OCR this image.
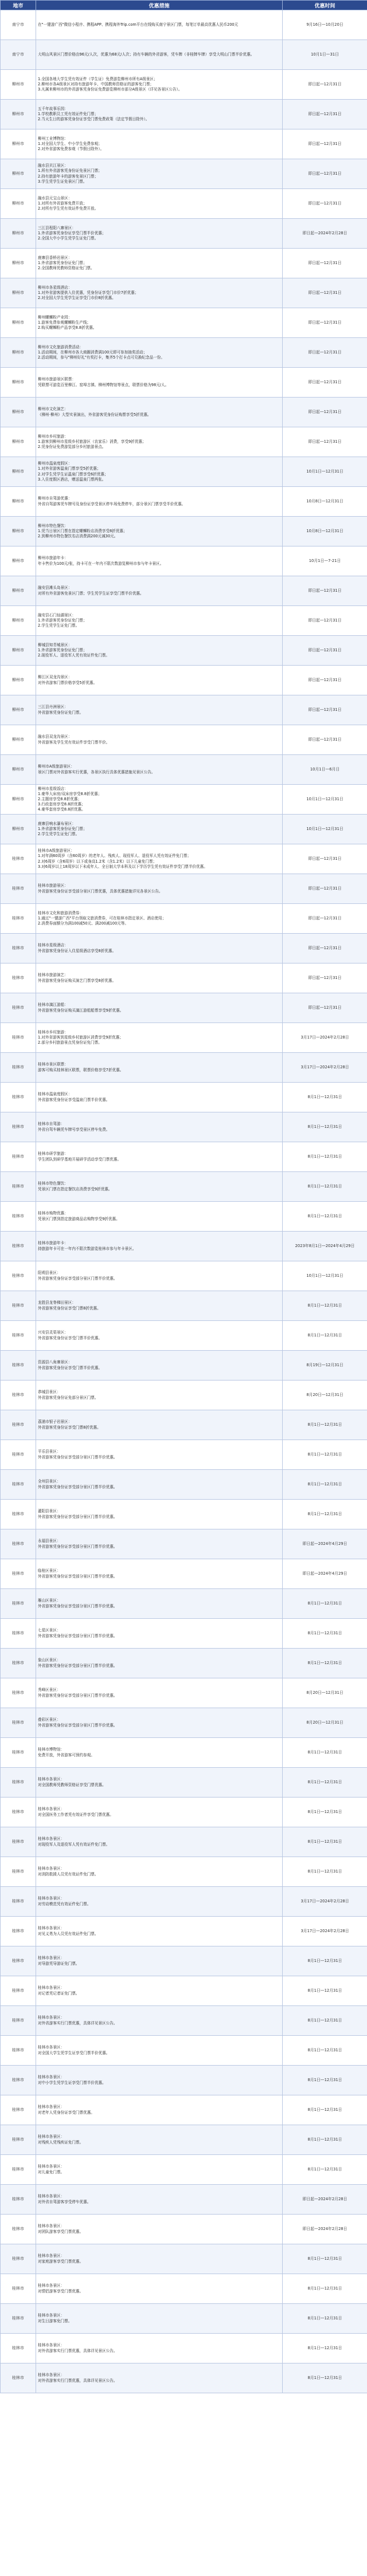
地市	优惠措施	优惠时间
南宁市	在"一键游广西"微信小程序、携程APP、携程海外Trip.com平台在线购买南宁景区门票，每笔订单最高优惠人民币200元	9月16日—10月20日
南宁市	大明山风景区门票价格由96元/人次，优惠为68元/人次；持有车辆的外省游客，凭车牌（非桂牌车牌）享受大明山门票半价优惠。	10月1日—31日
柳州市	1.全国各地大学生凭有效证件（学生证）免费游览柳州市所有A级景区；
2.柳州市各A级景区对持有旅游年卡、中国教师资格证的游客免门票；
3.凡属来柳州市的外省游客凭身份证免费游览柳州市部分A级景区（详见各景区公告）。	即日起—12月31日
柳州市	五千年故事乐园：
1.学校教职员工凭有效证件免门票；
2.当天生日的游客凭身份证享受门票免费政策（法定节假日除外）。	即日起—12月31日
柳州市	柳州工业博物馆：
1.对全国大学生、中小学生免费参观；
2.对外省游客免费参观（节假日除外）。	即日起—12月31日
柳州市	融水县贝江景区：
1.所有外省游客凭身份证免景区门票；
2.持有旅游年卡的游客免景区门票；
3.学生凭学生证免景区门票。	即日起—12月31日
柳州市	融水县元宝山景区：
1.对所有外省游客免费开放；
2.对所有学生凭有效证件免费开放。	即日起—12月31日
柳州市	三江县程阳八寨景区：
1.外省游客凭身份证享受门票半价优惠；
2.全国大中小学生凭学生证免门票。	即日起—2024年2月28日
柳州市	鹿寨县香桥岩景区：
1.外省游客凭身份证免门票；
2.全国教师凭教师资格证免门票。	即日起—12月31日
柳州市	柳州市各星级酒店：
1.对外省游客提供入住优惠，凭身份证享受门市价7折优惠；
2.对全国大学生凭学生证享受门市价8折优惠。	即日起—12月31日
柳州市	柳州螺蛳粉产业园：
1.游客免费参观螺蛳粉生产线；
2.购买螺蛳粉产品享受8.8折优惠。	即日起—12月31日
柳州市	柳州市文化旅游消费活动：
1.活动期间，在柳州市各大商圈消费满100元即可参加抽奖活动；
2.活动期间，参与"柳州好礼"有奖打卡，集齐5个打卡点可兑换纪念品一份。	即日起—12月31日
柳州市	柳州市旅游景区联票：
凭联票可游览百里柳江、窑埠古镇、柳州博物馆等景点，联票价格为98元/人。	即日起—12月31日
柳州市	柳州市文化演艺：
《柳州·柳州》大型实景演出，外省游客凭身份证购票享受5折优惠。	即日起—12月31日
柳州市	柳州市乡村旅游：
1.游客到柳州市星级乡村旅游区（农家乐）消费，享受9折优惠；
2.凭身份证免费游览部分乡村旅游景点。	即日起—12月31日
柳州市	柳州市温泉度假区：
1.对外省游客温泉门票享受5折优惠；
2.对学生凭学生证温泉门票享受6折优惠；
3.入住度假区酒店，赠送温泉门票两张。	10月1日—12月31日
柳州市	柳州市自驾游优惠：
外省自驾游客凭车牌号及身份证享受景区停车场免费停车，部分景区门票享受半价优惠。	10月8日—12月31日
柳州市	柳州市特色餐饮：
1.凭当日景区门票在指定螺蛳粉店消费享受8折优惠；
2.到柳州市特色餐饮名店消费满200元减30元。	10月8日—12月31日
柳州市	柳州市旅游年卡：
年卡售价为100元/张，持卡可在一年内不限次数游览柳州市参与年卡景区。	10月1日—7-21日
柳州市	融安县滩头岛景区：
对所有外省游客免景区门票；学生凭学生证享受门票半价优惠。	即日起—12月31日
柳州市	融安县石门仙湖景区：
1.外省游客凭身份证免门票；
2.学生凭学生证免门票。	即日起—12月31日
柳州市	柳城县知青城景区：
1.外省游客凭身份证免门票；
2.现役军人、退役军人凭有效证件免门票。	即日起—12月31日
柳州市	柳江区双龙沟景区：
对外省游客门票价格享受5折优惠。	即日起—12月31日
柳州市	三江县丹洲景区：
外省游客凭身份证免门票。	即日起—12月31日
柳州市	融水县双龙沟景区：
外省游客及学生凭有效证件享受门票半价。	即日起—12月31日
柳州市	柳州市A级旅游景区：
景区门票对外省游客实行优惠，各景区执行具体优惠措施见景区公告。	10月1日—6月日
柳州市	柳州市星级饭店：
1.豪华大床房/双床房享受8.8折优惠；
2.主题房享受8.8折优惠；
3.行政套房享受8.8折优惠；
4.豪华套房享受8.8折优惠。	10月1日—12月31日
柳州市	鹿寨县响水瀑布景区：
1.外省游客凭身份证免门票；
2.学生凭学生证免门票。	10月1日—12月31日
桂林市	桂林市A级旅游景区：
1.对年满60周岁（含60周岁）的老年人、残疾人、现役军人、退役军人凭有效证件免门票；
2.对6周岁（含6周岁）以下或身高1.2米（含1.2米）以下儿童免门票；
3.对6周岁以上18周岁以下未成年人、全日制大学本科及以下学历学生凭有效证件享受门票半价优惠。	即日起—12月31日
桂林市	桂林市旅游景区：
外省游客凭身份证享受部分景区门票优惠，具体优惠措施详见各景区公告。	即日起—12月31日
桂林市	桂林市文化和旅游消费券：
1.通过"一键游广西"平台领取文旅消费券，可在桂林市指定景区、酒店使用；
2.消费券面额分为满100减50元、满200减100元等。	即日起—12月31日
桂林市	桂林市星级酒店：
外省游客凭身份证入住星级酒店享受8折优惠。	即日起—12月31日
桂林市	桂林市旅游演艺：
外省游客凭身份证购买演艺门票享受8折优惠。	即日起—12月31日
桂林市	桂林市漓江游船：
外省游客凭身份证购买漓江游船船票享受9折优惠。	即日起—12月31日
桂林市	桂林市乡村旅游：
1.对外省游客到星级乡村旅游区消费享受9折优惠；
2.部分乡村旅游景点凭身份证免门票。	3月17日—2024年2月28日
桂林市	桂林市景区联票：
游客可购买桂林景区联票，联票价格享受7折优惠。	3月17日—2024年2月28日
桂林市	桂林市温泉度假区：
外省游客凭身份证享受温泉门票半价优惠。	8月1日—12月31日
桂林市	桂林市自驾游：
外省自驾车辆凭车牌号享受景区停车免费。	8月1日—12月31日
桂林市	桂林市研学旅游：
学生团队到研学基地开展研学活动享受门票优惠。	8月1日—12月31日
桂林市	桂林市特色餐饮：
凭景区门票在指定餐饮店消费享受9折优惠。	8月1日—12月31日
桂林市	桂林市购物优惠：
凭景区门票到指定旅游商品店购物享受9折优惠。	8月1日—12月31日
桂林市	桂林市旅游年卡：
持旅游年卡可在一年内不限次数游览桂林市参与年卡景区。	2023年8月1日—2024年4月29日
桂林市	阳朔县景区：
外省游客凭身份证享受部分景区门票半价优惠。	10月1日—12月31日
桂林市	龙胜县龙脊梯田景区：
外省游客凭身份证享受门票8折优惠。	8月1日—12月31日
桂林市	兴安县灵渠景区：
外省游客凭身份证享受门票半价优惠。	8月1日—12月31日
桂林市	资源县八角寨景区：
外省游客凭身份证享受门票半价优惠。	8月19日—12月31日
桂林市	恭城县景区：
外省游客凭身份证免部分景区门票。	8月20日—12月31日
桂林市	荔浦市银子岩景区：
外省游客凭身份证享受门票8折优惠。	8月1日—12月31日
桂林市	平乐县景区：
外省游客凭身份证享受部分景区门票半价优惠。	8月1日—12月31日
桂林市	全州县景区：
外省游客凭身份证享受部分景区门票半价优惠。	8月1日—12月31日
桂林市	灌阳县景区：
外省游客凭身份证享受部分景区门票半价优惠。	8月1日—12月31日
桂林市	永福县景区：
外省游客凭身份证享受部分景区门票半价优惠。	即日起—2024年4月29日
桂林市	临桂区景区：
外省游客凭身份证享受部分景区门票半价优惠。	即日起—2024年4月29日
桂林市	雁山区景区：
外省游客凭身份证享受部分景区门票半价优惠。	8月1日—12月31日
桂林市	七星区景区：
外省游客凭身份证享受部分景区门票半价优惠。	8月1日—12月31日
桂林市	象山区景区：
外省游客凭身份证享受部分景区门票半价优惠。	8月1日—12月31日
桂林市	秀峰区景区：
外省游客凭身份证享受部分景区门票半价优惠。	8月20日—12月31日
桂林市	叠彩区景区：
外省游客凭身份证享受部分景区门票半价优惠。	8月20日—12月31日
桂林市	桂林市博物馆：
免费开放，外省游客可预约参观。	8月1日—12月31日
桂林市	桂林市各景区：
对全国教师凭教师资格证享受门票优惠。	8月1日—12月31日
桂林市	桂林市各景区：
对全国医务工作者凭有效证件享受门票优惠。	8月1日—12月31日
桂林市	桂林市各景区：
对现役军人及退役军人凭有效证件免门票。	8月1日—12月31日
桂林市	桂林市各景区：
对消防救援人员凭有效证件免门票。	8月1日—12月31日
桂林市	桂林市各景区：
对劳动模范凭有效证件免门票。	3月17日—2024年2月28日
桂林市	桂林市各景区：
对见义勇为人员凭有效证件免门票。	3月17日—2024年2月28日
桂林市	桂林市各景区：
对导游凭导游证免门票。	8月1日—12月31日
桂林市	桂林市各景区：
对记者凭记者证免门票。	8月1日—12月31日
桂林市	桂林市各景区：
对外省游客实行门票优惠，具体详见景区公告。	8月1日—12月31日
桂林市	桂林市各景区：
对全国大学生凭学生证享受门票半价优惠。	8月1日—12月31日
桂林市	桂林市各景区：
对中小学生凭学生证享受门票半价优惠。	8月1日—12月31日
桂林市	桂林市各景区：
对老年人凭身份证享受门票优惠。	8月1日—12月31日
桂林市	桂林市各景区：
对残疾人凭残疾证免门票。	8月1日—12月31日
桂林市	桂林市各景区：
对儿童免门票。	8月1日—12月31日
桂林市	桂林市各景区：
对外省自驾游客享受停车优惠。	即日起—2024年2月28日
桂林市	桂林市各景区：
对团队游客享受门票优惠。	即日起—2024年2月28日
桂林市	桂林市各景区：
对家庭游客享受门票优惠。	8月1日—12月31日
桂林市	桂林市各景区：
对情侣游客享受门票优惠。	8月1日—12月31日
桂林市	桂林市各景区：
对生日游客免门票。	8月1日—12月31日
桂林市	桂林市各景区：
对外省游客实行门票优惠，具体详见景区公告。	8月1日—12月31日
桂林市	桂林市各景区：
对外省游客实行门票优惠，具体详见景区公告。	8月1日—12月31日
